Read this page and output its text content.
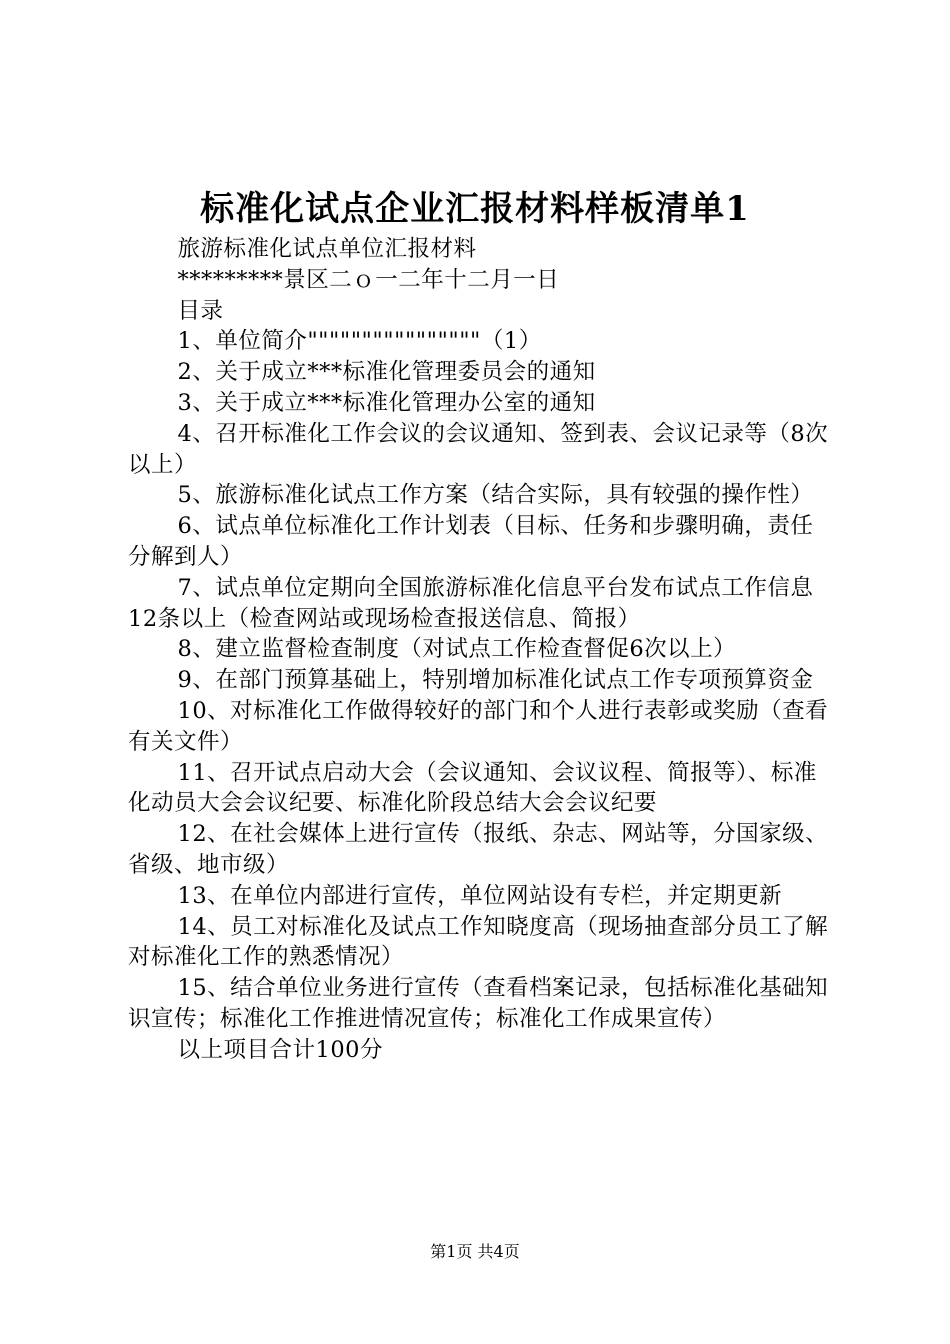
标准化试点企业汇报材料样板清单1

旅游标准化试点单位汇报材料

*********景区二ｏ一二年十二月一日

目录

1、单位简介""""""""""""""""（1）

2、关于成立***标准化管理委员会的通知

3、关于成立***标准化管理办公室的通知

4、召开标准化工作会议的会议通知、签到表、会议记录等（8次以上）

5、旅游标准化试点工作方案（结合实际，具有较强的操作性）

6、试点单位标准化工作计划表（目标、任务和步骤明确，责任分解到人）

7、试点单位定期向全国旅游标准化信息平台发布试点工作信息12条以上（检查网站或现场检查报送信息、简报）

8、建立监督检查制度（对试点工作检查督促6次以上）

9、在部门预算基础上，特别增加标准化试点工作专项预算资金

10、对标准化工作做得较好的部门和个人进行表彰或奖励（查看有关文件）

11、召开试点启动大会（会议通知、会议议程、简报等）、标准化动员大会会议纪要、标准化阶段总结大会会议纪要

12、在社会媒体上进行宣传（报纸、杂志、网站等，分国家级、省级、地市级）

13、在单位内部进行宣传，单位网站设有专栏，并定期更新

14、员工对标准化及试点工作知晓度高（现场抽查部分员工了解对标准化工作的熟悉情况）

15、结合单位业务进行宣传（查看档案记录，包括标准化基础知识宣传；标准化工作推进情况宣传；标准化工作成果宣传）

以上项目合计100分

第1页 共4页
